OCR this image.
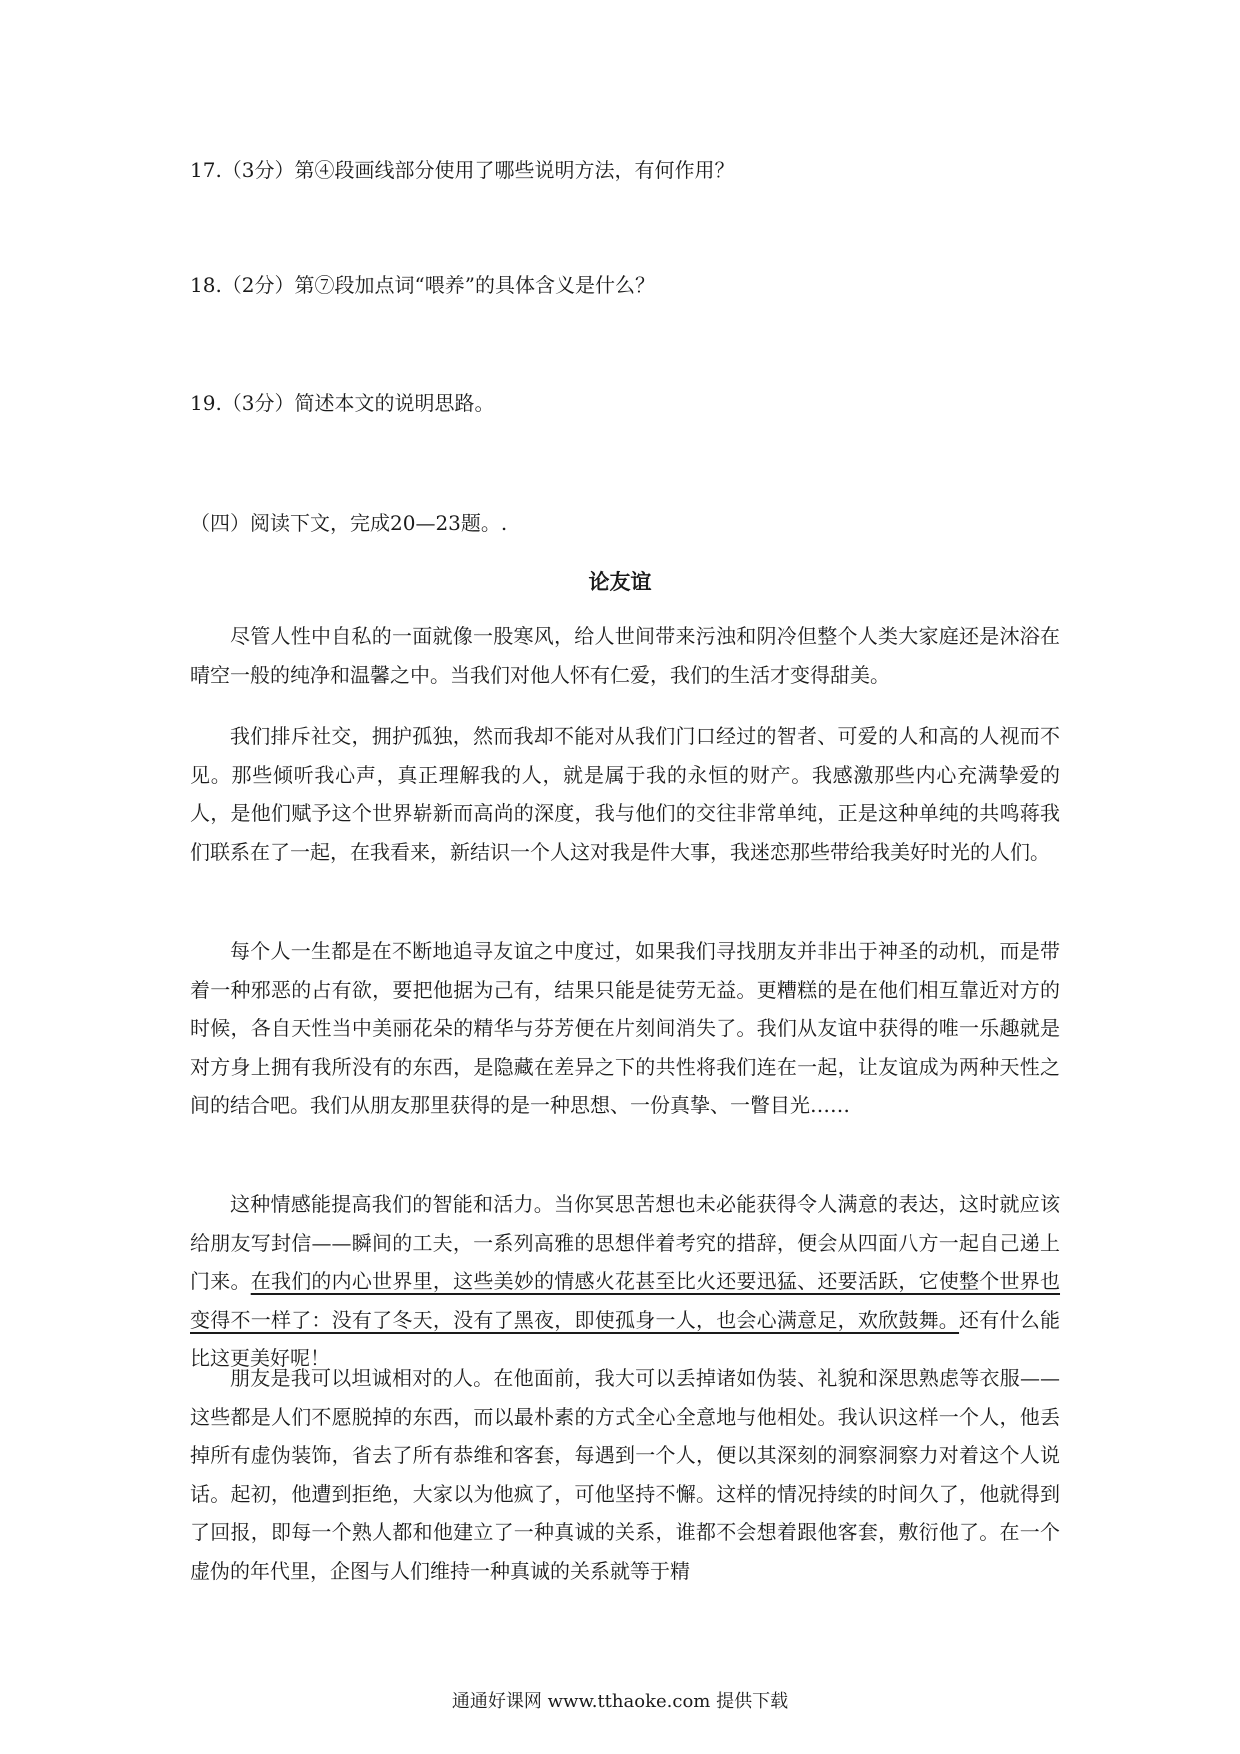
17.（3分）第④段画线部分使用了哪些说明方法，有何作用？
18.（2分）第⑦段加点词“喂养”的具体含义是什么？
19.（3分）简述本文的说明思路。
（四）阅读下文，完成20—23题。.
论友谊

尽管人性中自私的一面就像一股寒风，给人世间带来污浊和阴冷但整个人类大家庭还是沐浴在晴空一般的纯净和温馨之中。当我们对他人怀有仁爱，我们的生活才变得甜美。

我们排斥社交，拥护孤独，然而我却不能对从我们门口经过的智者、可爱的人和高的人视而不见。那些倾听我心声，真正理解我的人，就是属于我的永恒的财产。我感激那些内心充满挚爱的人，是他们赋予这个世界崭新而高尚的深度，我与他们的交往非常单纯，正是这种单纯的共鸣蒋我们联系在了一起，在我看来，新结识一个人这对我是件大事，我迷恋那些带给我美好时光的人们。

每个人一生都是在不断地追寻友谊之中度过，如果我们寻找朋友并非出于神圣的动机，而是带着一种邪恶的占有欲，要把他据为己有，结果只能是徒劳无益。更糟糕的是在他们相互靠近对方的时候，各自天性当中美丽花朵的精华与芬芳便在片刻间消失了。我们从友谊中获得的唯一乐趣就是对方身上拥有我所没有的东西，是隐藏在差异之下的共性将我们连在一起，让友谊成为两种天性之间的结合吧。我们从朋友那里获得的是一种思想、一份真挚、一瞥目光……

这种情感能提高我们的智能和活力。当你冥思苦想也未必能获得令人满意的表达，这时就应该给朋友写封信——瞬间的工夫，一系列高雅的思想伴着考究的措辞，便会从四面八方一起自己递上门来。在我们的内心世界里，这些美妙的情感火花甚至比火还要迅猛、还要活跃，它使整个世界也变得不一样了：没有了冬天，没有了黑夜，即使孤身一人，也会心满意足，欢欣鼓舞。还有什么能比这更美好呢！

朋友是我可以坦诚相对的人。在他面前，我大可以丢掉诸如伪装、礼貌和深思熟虑等衣服——这些都是人们不愿脱掉的东西，而以最朴素的方式全心全意地与他相处。我认识这样一个人，他丢掉所有虚伪装饰，省去了所有恭维和客套，每遇到一个人，便以其深刻的洞察洞察力对着这个人说话。起初，他遭到拒绝，大家以为他疯了，可他坚持不懈。这样的情况持续的时间久了，他就得到了回报，即每一个熟人都和他建立了一种真诚的关系，谁都不会想着跟他客套，敷衍他了。在一个虚伪的年代里，企图与人们维持一种真诚的关系就等于精

通通好课网 www.tthaoke.com 提供下载
